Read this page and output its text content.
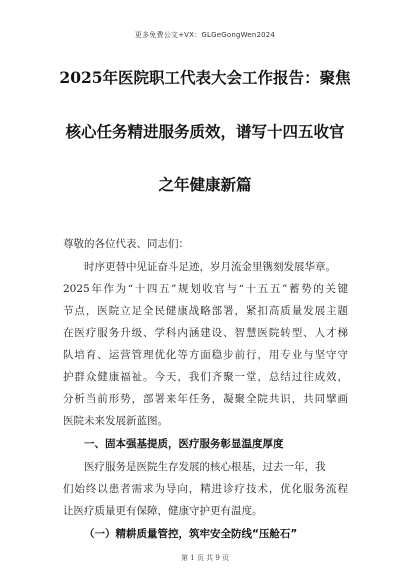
更多免费公文+VX：GLGeGongWen2024
2025年医院职工代表大会工作报告：聚焦
核心任务精进服务质效，谱写十四五收官
之年健康新篇
尊敬的各位代表、同志们：
时序更替中见证奋斗足迹，岁月流金里镌刻发展华章。
2025年作为“十四五”规划收官与“十五五”蓄势的关键
节点，医院立足全民健康战略部署，紧扣高质量发展主题
在医疗服务升级、学科内涵建设、智慧医院转型、人才梯
队培育、运营管理优化等方面稳步前行，用专业与坚守守
护群众健康福祉。今天，我们齐聚一堂，总结过往成效，
分析当前形势，部署来年任务，凝聚全院共识，共同擘画
医院未来发展新蓝图。
一、固本强基提质，医疗服务彰显温度厚度
医疗服务是医院生存发展的核心根基，过去一年，我
们始终以患者需求为导向，精进诊疗技术，优化服务流程
让医疗质量更有保障，健康守护更有温度。
（一）精耕质量管控，筑牢安全防线“压舱石”
第 1 页 共 9 页
